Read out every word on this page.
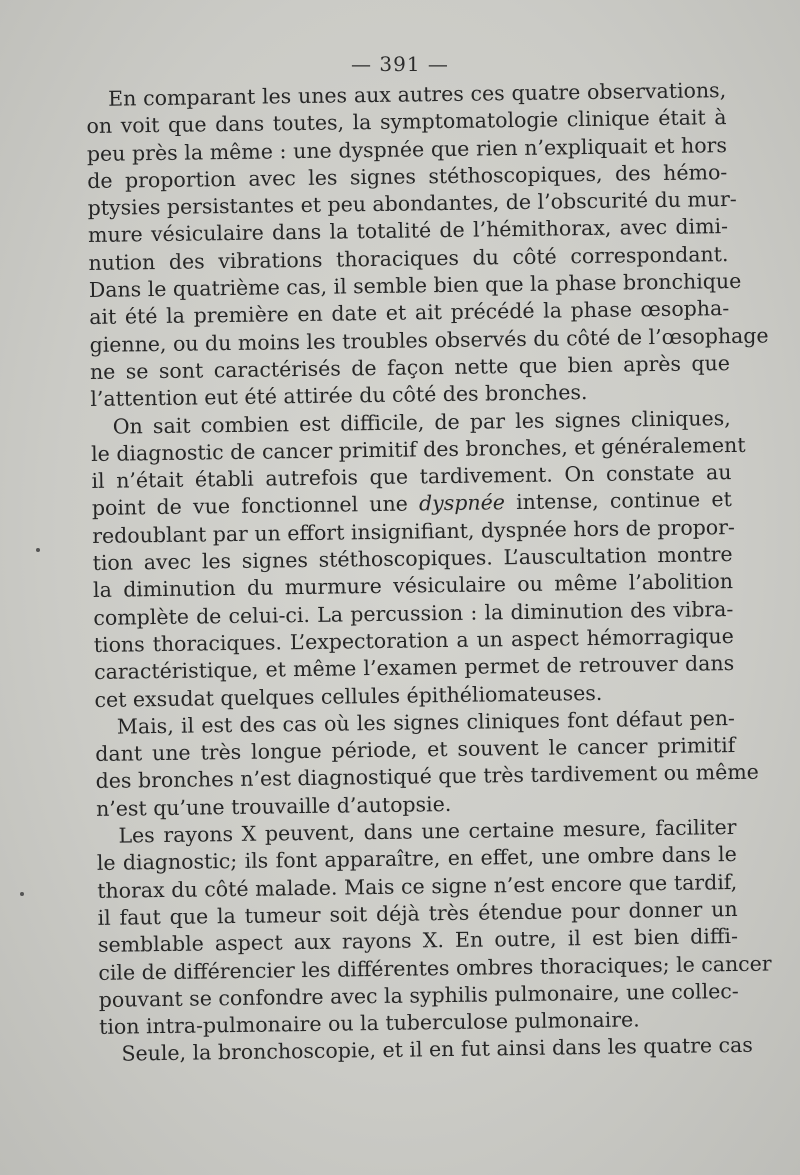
— 391 —
En comparant les unes aux autres ces quatre observations,
on voit que dans toutes, la symptomatologie clinique était à
peu près la même : une dyspnée que rien n’expliquait et hors
de proportion avec les signes stéthoscopiques, des hémo-
ptysies persistantes et peu abondantes, de l’obscurité du mur-
mure vésiculaire dans la totalité de l’hémithorax, avec dimi-
nution des vibrations thoraciques du côté correspondant.
Dans le quatrième cas, il semble bien que la phase bronchique
ait été la première en date et ait précédé la phase œsopha-
gienne, ou du moins les troubles observés du côté de l’œsophage
ne se sont caractérisés de façon nette que bien après que
l’attention eut été attirée du côté des bronches.
On sait combien est difficile, de par les signes cliniques,
le diagnostic de cancer primitif des bronches, et généralement
il n’était établi autrefois que tardivement. On constate au
point de vue fonctionnel une dyspnée intense, continue et
redoublant par un effort insignifiant, dyspnée hors de propor-
tion avec les signes stéthoscopiques. L’auscultation montre
la diminution du murmure vésiculaire ou même l’abolition
complète de celui-ci. La percussion : la diminution des vibra-
tions thoraciques. L’expectoration a un aspect hémorragique
caractéristique, et même l’examen permet de retrouver dans
cet exsudat quelques cellules épithéliomateuses.
Mais, il est des cas où les signes cliniques font défaut pen-
dant une très longue période, et souvent le cancer primitif
des bronches n’est diagnostiqué que très tardivement ou même
n’est qu’une trouvaille d’autopsie.
Les rayons X peuvent, dans une certaine mesure, faciliter
le diagnostic; ils font apparaître, en effet, une ombre dans le
thorax du côté malade. Mais ce signe n’est encore que tardif,
il faut que la tumeur soit déjà très étendue pour donner un
semblable aspect aux rayons X. En outre, il est bien diffi-
cile de différencier les différentes ombres thoraciques; le cancer
pouvant se confondre avec la syphilis pulmonaire, une collec-
tion intra-pulmonaire ou la tuberculose pulmonaire.
Seule, la bronchoscopie, et il en fut ainsi dans les quatre cas
